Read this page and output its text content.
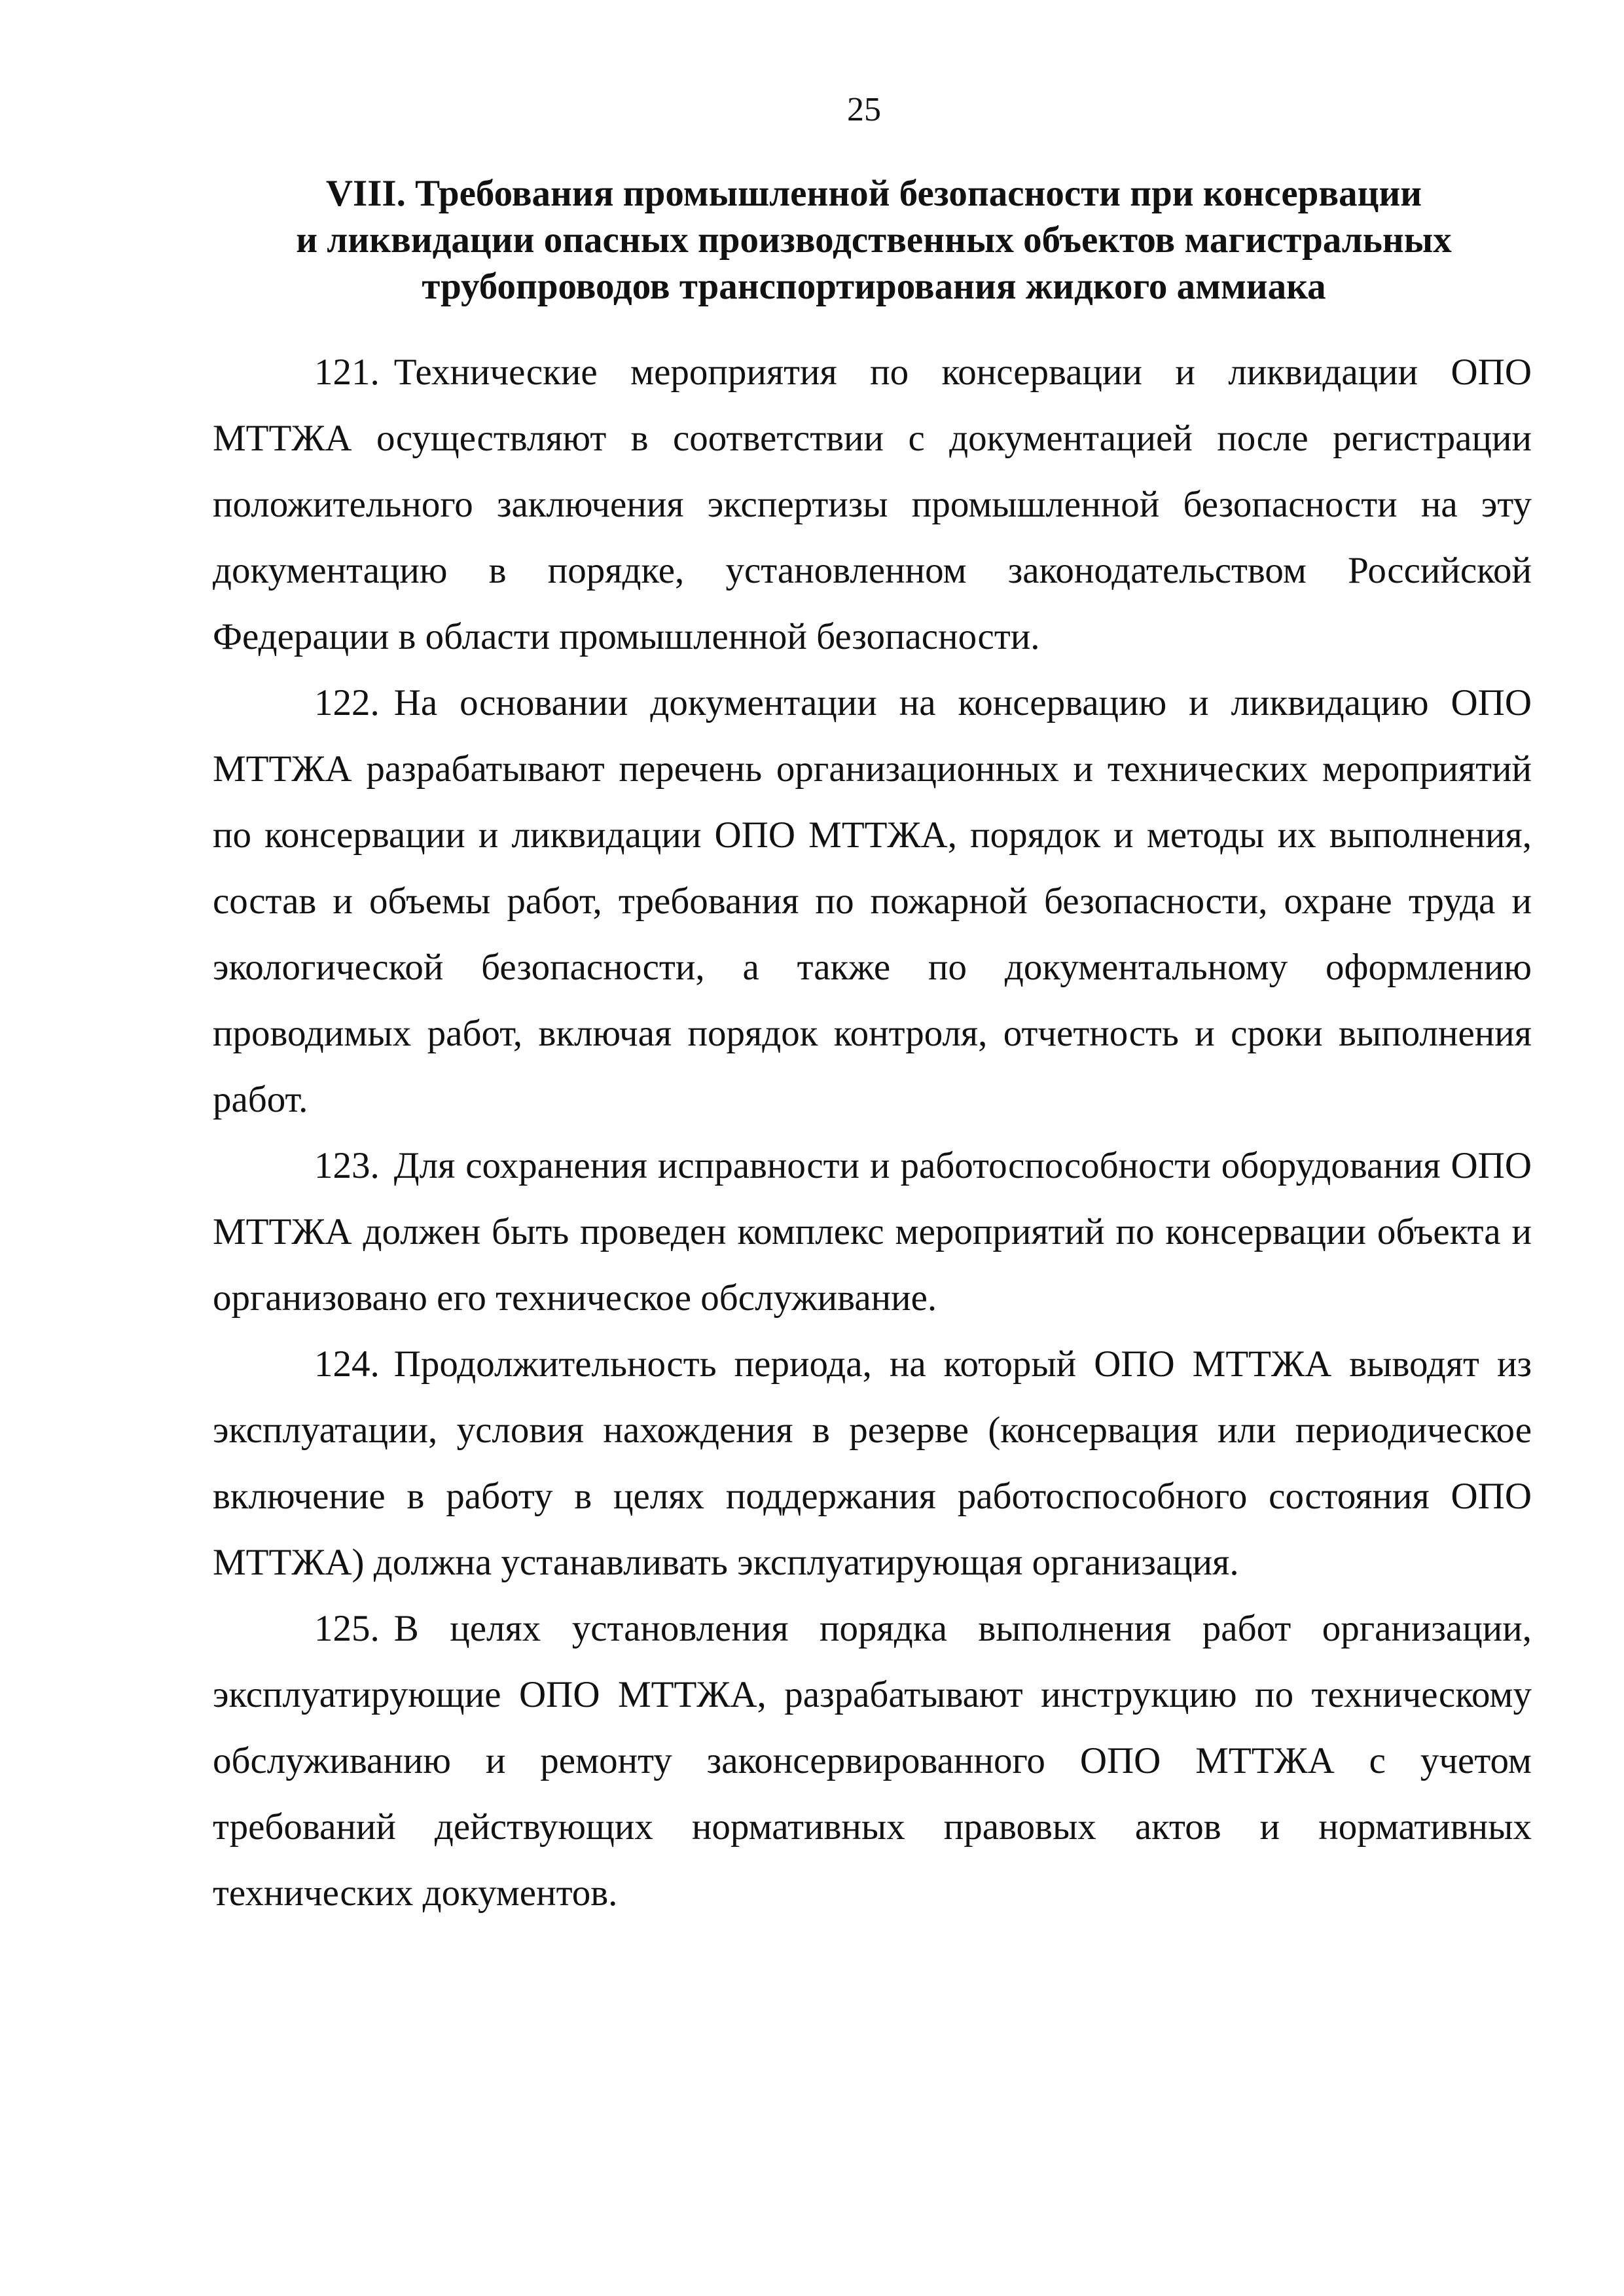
25
VIII. Требования промышленной безопасности при консервации
и ликвидации опасных производственных объектов магистральных
трубопроводов транспортирования жидкого аммиака

121. Технические мероприятия по консервации и ликвидации ОПО МТТЖА осуществляют в соответствии с документацией после регистрации положительного заключения экспертизы промышленной безопасности на эту документацию в порядке, установленном законодательством Российской Федерации в области промышленной безопасности.

122. На основании документации на консервацию и ликвидацию ОПО МТТЖА разрабатывают перечень организационных и технических мероприятий по консервации и ликвидации ОПО МТТЖА, порядок и методы их выполнения, состав и объемы работ, требования по пожарной безопасности, охране труда и экологической безопасности, а также по документальному оформлению проводимых работ, включая порядок контроля, отчетность и сроки выполнения работ.

123. Для сохранения исправности и работоспособности оборудования ОПО МТТЖА должен быть проведен комплекс мероприятий по консервации объекта и организовано его техническое обслуживание.

124. Продолжительность периода, на который ОПО МТТЖА выводят из эксплуатации, условия нахождения в резерве (консервация или периодическое включение в работу в целях поддержания работоспособного состояния ОПО МТТЖА) должна устанавливать эксплуатирующая организация.

125. В целях установления порядка выполнения работ организации, эксплуатирующие ОПО МТТЖА, разрабатывают инструкцию по техническому обслуживанию и ремонту законсервированного ОПО МТТЖА с учетом требований действующих нормативных правовых актов и нормативных технических документов.
